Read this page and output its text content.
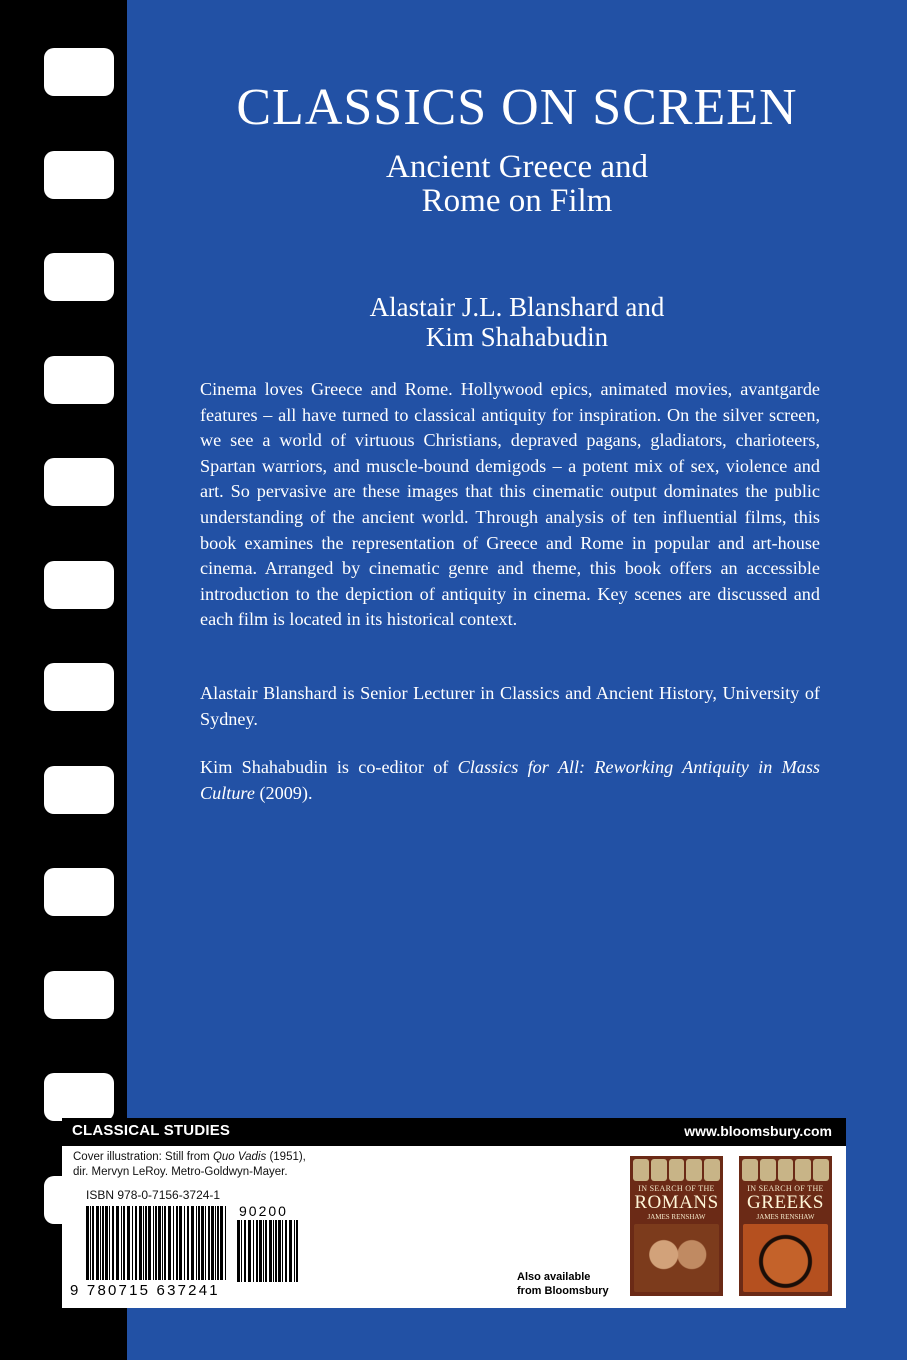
CLASSICS ON SCREEN
Ancient Greece and
Rome on Film
Alastair J.L. Blanshard and
Kim Shahabudin
Cinema loves Greece and Rome. Hollywood epics, animated movies, avantgarde features – all have turned to classical antiquity for inspiration. On the silver screen, we see a world of virtuous Christians, depraved pagans, gladiators, charioteers, Spartan warriors, and muscle-bound demigods – a potent mix of sex, violence and art. So pervasive are these images that this cinematic output dominates the public understanding of the ancient world. Through analysis of ten influential films, this book examines the representation of Greece and Rome in popular and art-house cinema. Arranged by cinematic genre and theme, this book offers an accessible introduction to the depiction of antiquity in cinema. Key scenes are discussed and each film is located in its historical context.
Alastair Blanshard is Senior Lecturer in Classics and Ancient History, University of Sydney.
Kim Shahabudin is co-editor of Classics for All: Reworking Antiquity in Mass Culture (2009).
CLASSICAL STUDIES	www.bloomsbury.com
Cover illustration: Still from Quo Vadis (1951),
dir. Mervyn LeRoy. Metro-Goldwyn-Mayer.
ISBN 978-0-7156-3724-1
90200
9 780715 637241
Also available
from Bloomsbury
IN SEARCH OF THE
ROMANS
JAMES RENSHAW
IN SEARCH OF THE
GREEKS
JAMES RENSHAW
